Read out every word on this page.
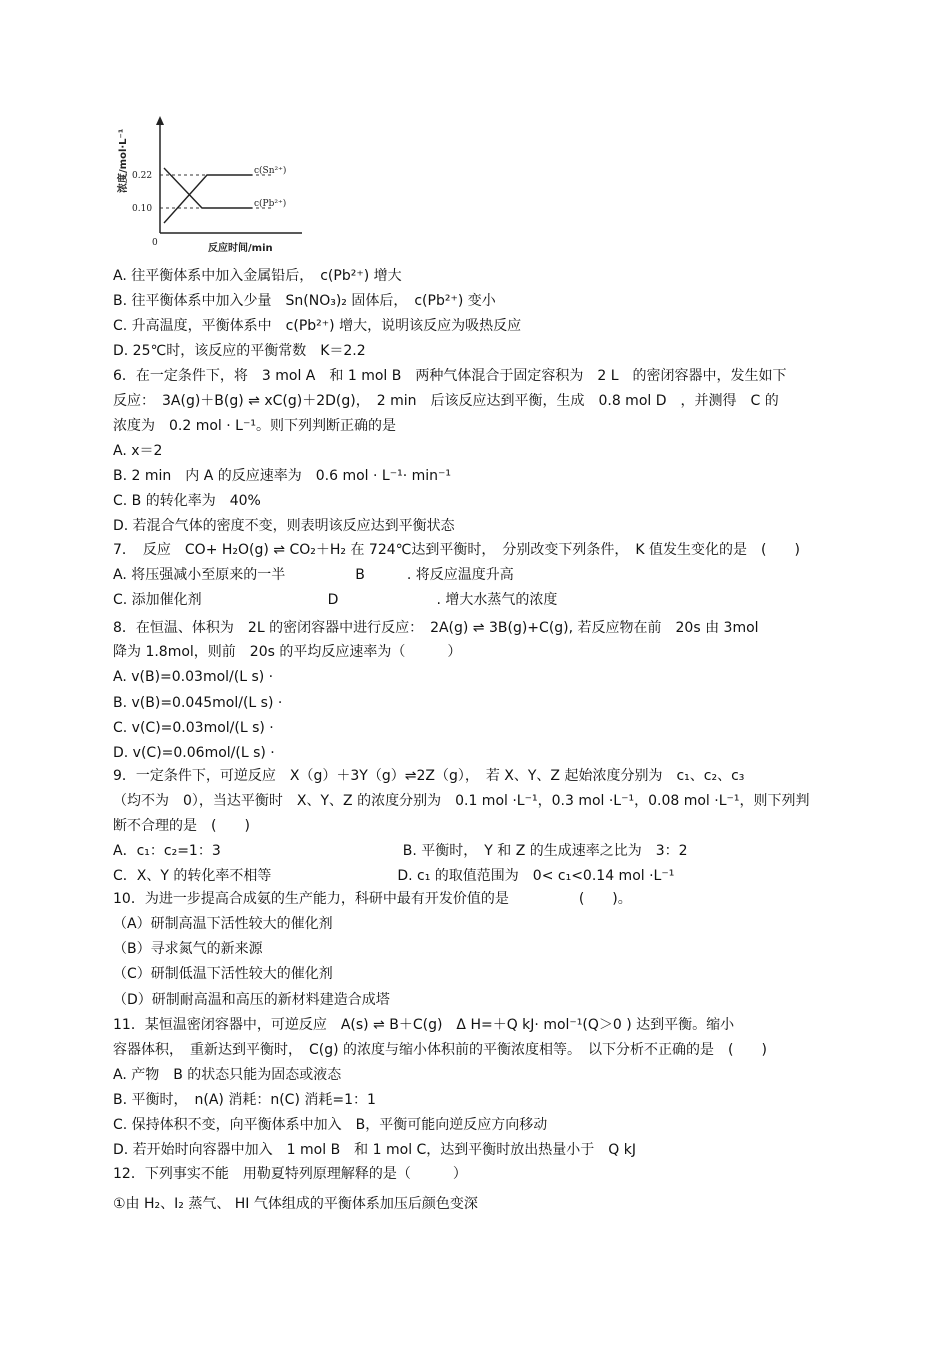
浓度/mol·L⁻¹ 0.22
0.10
0
c(Sn²⁺)
c(Pb²⁺)
反应时间/min
A. 往平衡体系中加入金属铅后，　c(Pb²⁺) 增大
B. 往平衡体系中加入少量　Sn(NO₃)₂ 固体后，　c(Pb²⁺) 变小
C. 升高温度，平衡体系中　c(Pb²⁺) 增大，说明该反应为吸热反应
D. 25℃时，该反应的平衡常数　K＝2.2
6．在一定条件下，将　3 mol A　和 1 mol B　两种气体混合于固定容积为　2 L　的密闭容器中，发生如下
反应：　3A(g)＋B(g) ⇌ xC(g)＋2D(g)，　2 min　后该反应达到平衡，生成　0.8 mol D　，并测得　C 的
浓度为　0.2 mol · L⁻¹。则下列判断正确的是
A. x＝2
B. 2 min　内 A 的反应速率为　0.6 mol · L⁻¹· min⁻¹
C. B 的转化率为　40%
D. 若混合气体的密度不变，则表明该反应达到平衡状态
7．　反应　CO+ H₂O(g) ⇌ CO₂＋H₂ 在 724℃达到平衡时，　分别改变下列条件，　K 值发生变化的是　(　　)
A. 将压强减小至原来的一半　　　　　B　　　. 将反应温度升高
C. 添加催化剂　　　　　　　　　D　　　　　　　. 增大水蒸气的浓度
8．在恒温、体积为　2L 的密闭容器中进行反应：　2A(g) ⇌ 3B(g)+C(g), 若反应物在前　20s 由 3mol
降为 1.8mol，则前　20s 的平均反应速率为（　　　）
A. v(B)=0.03mol/(L s) ·
B. v(B)=0.045mol/(L s) ·
C. v(C)=0.03mol/(L s) ·
D. v(C)=0.06mol/(L s) ·
9．一定条件下，可逆反应　X（g）＋3Y（g）⇌2Z（g），　若 X、Y、Z 起始浓度分别为　c₁、c₂、c₃
（均不为　0），当达平衡时　X、Y、Z 的浓度分别为　0.1 mol ·L⁻¹，0.3 mol ·L⁻¹，0.08 mol ·L⁻¹，则下列判
断不合理的是　(　　)
A．c₁：c₂=1：3　　　　　　　　　　　　　B. 平衡时，　Y 和 Z 的生成速率之比为　3：2
C．X、Y 的转化率不相等　　　　　　　　　D. c₁ 的取值范围为　0< c₁<0.14 mol ·L⁻¹
10．为进一步提高合成氨的生产能力，科研中最有开发价值的是　　　　　(　　)。
（A）研制高温下活性较大的催化剂
（B）寻求氮气的新来源
（C）研制低温下活性较大的催化剂
（D）研制耐高温和高压的新材料建造合成塔
11．某恒温密闭容器中，可逆反应　A(s) ⇌ B＋C(g)　Δ H=＋Q kJ· mol⁻¹(Q＞0 ) 达到平衡。缩小
容器体积，　重新达到平衡时，　C(g) 的浓度与缩小体积前的平衡浓度相等。　以下分析不正确的是　(　　)
A. 产物　B 的状态只能为固态或液态
B. 平衡时，　n(A) 消耗：n(C) 消耗=1：1
C. 保持体积不变，向平衡体系中加入　B，平衡可能向逆反应方向移动
D. 若开始时向容器中加入　1 mol B　和 1 mol C，达到平衡时放出热量小于　Q kJ
12．下列事实不能　用勒夏特列原理解释的是（　　　）
①由 H₂、I₂ 蒸气、 HI 气体组成的平衡体系加压后颜色变深
